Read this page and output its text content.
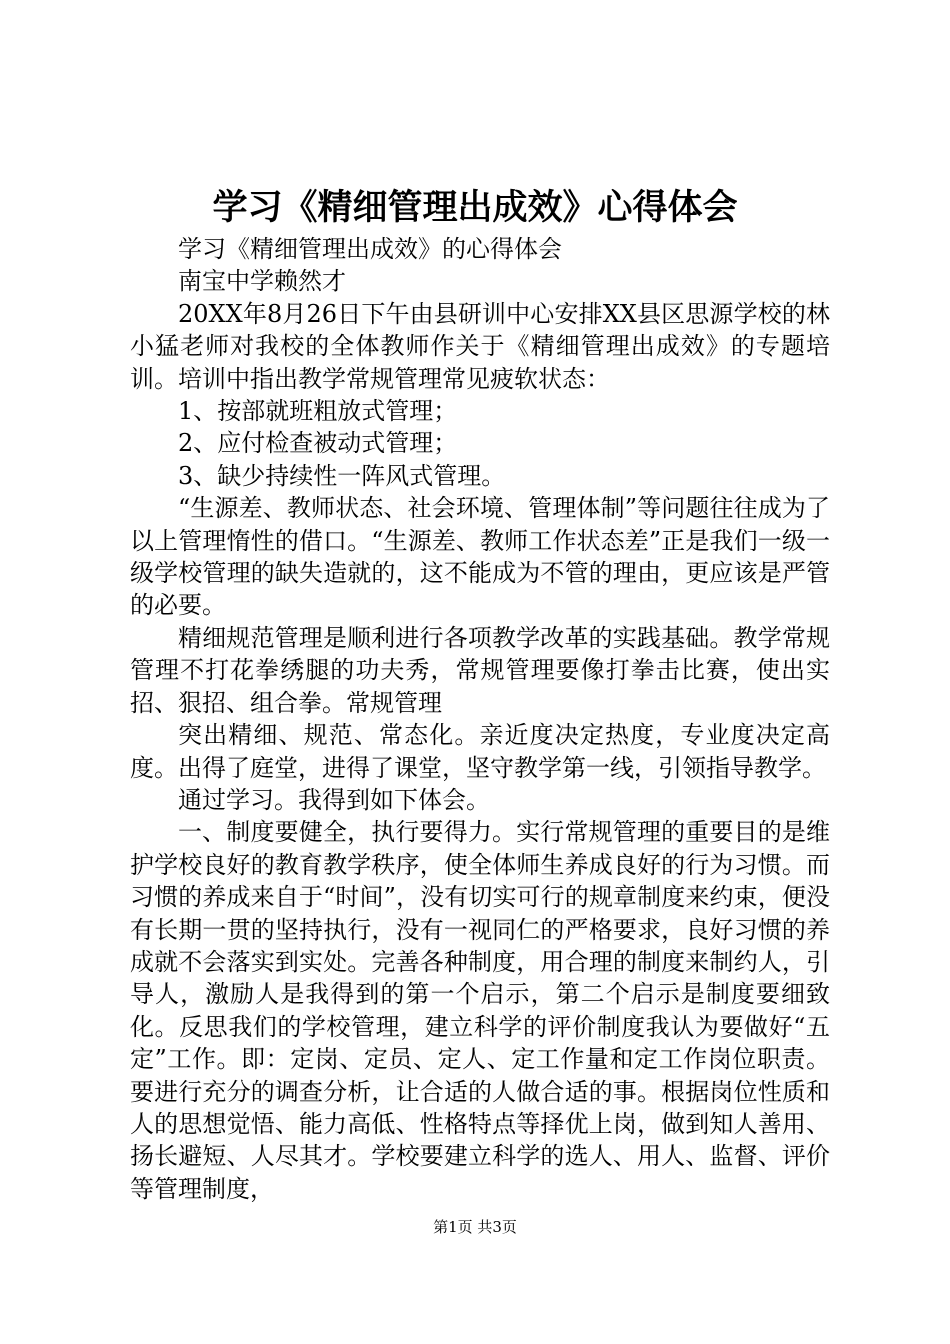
学习《精细管理出成效》心得体会

学习《精细管理出成效》的心得体会

南宝中学赖然才

20XX年8月26日下午由县研训中心安排XX县区思源学校的林小猛老师对我校的全体教师作关于《精细管理出成效》的专题培训。培训中指出教学常规管理常见疲软状态：

1、按部就班粗放式管理；

2、应付检查被动式管理；

3、缺少持续性一阵风式管理。

“生源差、教师状态、社会环境、管理体制”等问题往往成为了以上管理惰性的借口。“生源差、教师工作状态差”正是我们一级一级学校管理的缺失造就的，这不能成为不管的理由，更应该是严管的必要。

精细规范管理是顺利进行各项教学改革的实践基础。教学常规管理不打花拳绣腿的功夫秀，常规管理要像打拳击比赛，使出实招、狠招、组合拳。常规管理

突出精细、规范、常态化。亲近度决定热度，专业度决定高度。出得了庭堂，进得了课堂，坚守教学第一线，引领指导教学。

通过学习。我得到如下体会。

一、制度要健全，执行要得力。实行常规管理的重要目的是维护学校良好的教育教学秩序，使全体师生养成良好的行为习惯。而习惯的养成来自于“时间”，没有切实可行的规章制度来约束，便没有长期一贯的坚持执行，没有一视同仁的严格要求，良好习惯的养成就不会落实到实处。完善各种制度，用合理的制度来制约人，引导人，激励人是我得到的第一个启示，第二个启示是制度要细致化。反思我们的学校管理，建立科学的评价制度我认为要做好“五定”工作。即：定岗、定员、定人、定工作量和定工作岗位职责。要进行充分的调查分析，让合适的人做合适的事。根据岗位性质和人的思想觉悟、能力高低、性格特点等择优上岗，做到知人善用、扬长避短、人尽其才。学校要建立科学的选人、用人、监督、评价等管理制度，

第1页 共3页
